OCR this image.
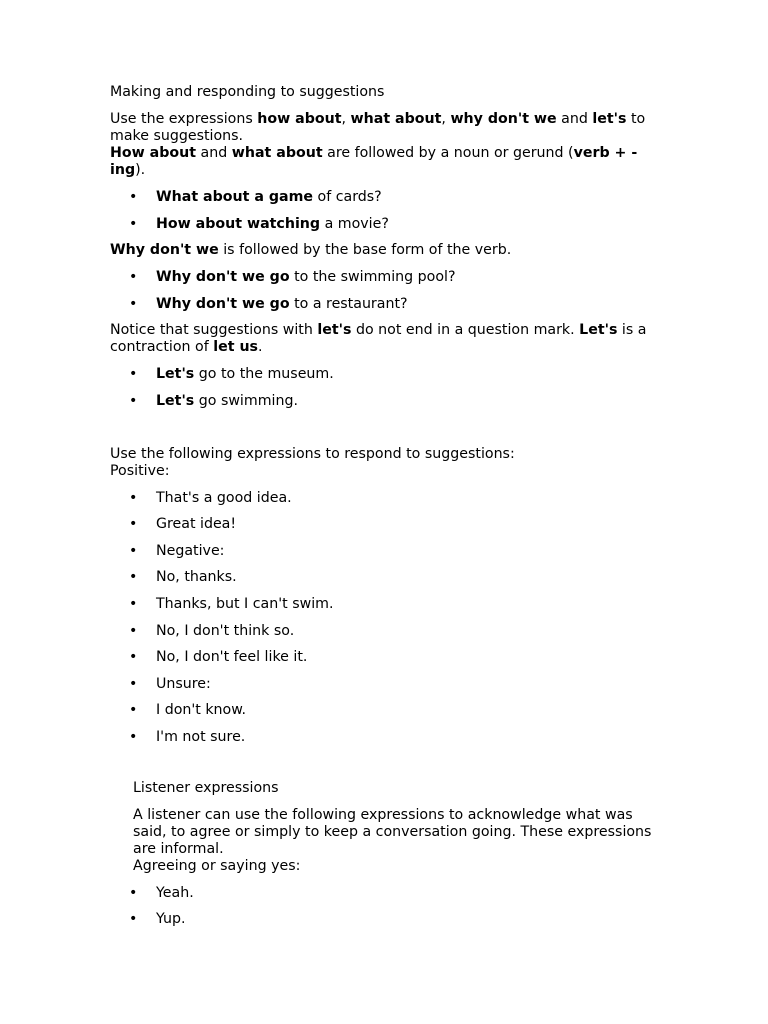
Making and responding to suggestions

Use the expressions how about, what about, why don't we and let's to make suggestions.
How about and what about are followed by a noun or gerund (verb + -ing).

• What about a game of cards?
• How about watching a movie?

Why don't we is followed by the base form of the verb.

• Why don't we go to the swimming pool?
• Why don't we go to a restaurant?

Notice that suggestions with let's do not end in a question mark. Let's is a contraction of let us.

• Let's go to the museum.
• Let's go swimming.

Use the following expressions to respond to suggestions:
Positive:

• That's a good idea.
• Great idea!
• Negative:
• No, thanks.
• Thanks, but I can't swim.
• No, I don't think so.
• No, I don't feel like it.
• Unsure:
• I don't know.
• I'm not sure.

Listener expressions

A listener can use the following expressions to acknowledge what was said, to agree or simply to keep a conversation going. These expressions are informal.
Agreeing or saying yes:

• Yeah.
• Yup.
